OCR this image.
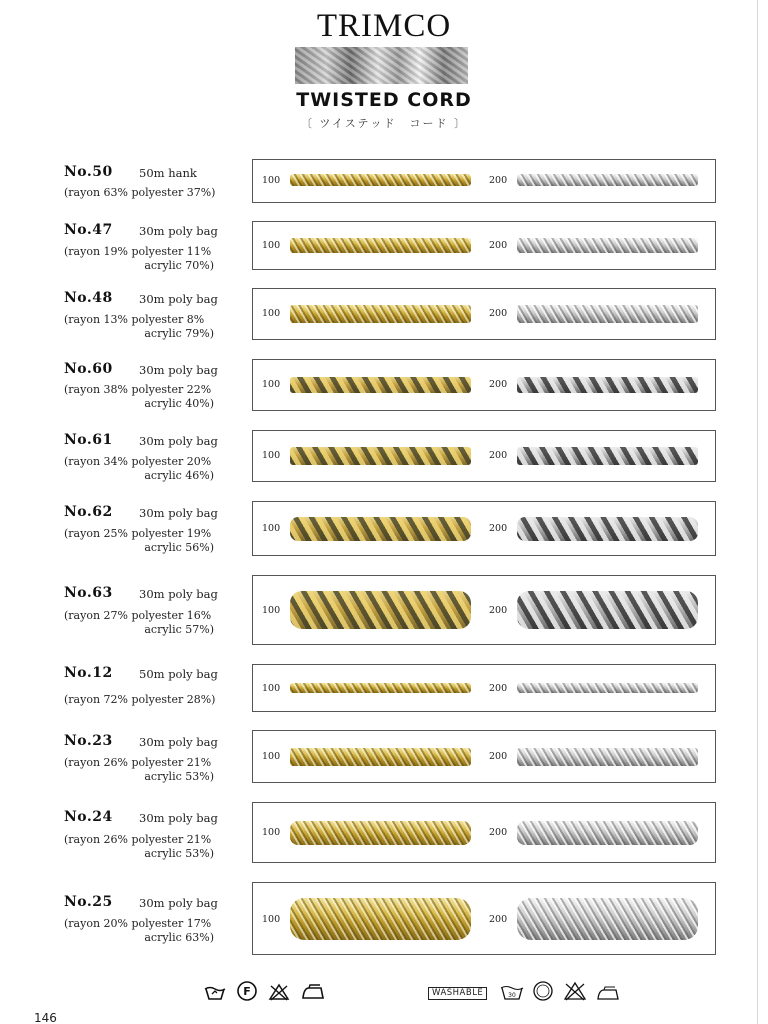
TRIMCO
TWISTED CORD
〔 ツイステッド　コード 〕
No.50 50m hank
(rayon 63% polyester 37%)
100	200
No.47 30m poly bag
(rayon 19% polyester 11%
acrylic 70%)
100	200
No.48 30m poly bag
(rayon 13% polyester 8%
acrylic 79%)
100	200
No.60 30m poly bag
(rayon 38% polyester 22%
acrylic 40%)
100	200
No.61 30m poly bag
(rayon 34% polyester 20%
acrylic 46%)
100	200
No.62 30m poly bag
(rayon 25% polyester 19%
acrylic 56%)
100	200
No.63 30m poly bag
(rayon 27% polyester 16%
acrylic 57%)
100	200
No.12 50m poly bag
(rayon 72% polyester 28%)
100	200
No.23 30m poly bag
(rayon 26% polyester 21%
acrylic 53%)
100	200
No.24 30m poly bag
(rayon 26% polyester 21%
acrylic 53%)
100	200
No.25 30m poly bag
(rayon 20% polyester 17%
acrylic 63%)
100	200
F	WASHABLE	30
146
